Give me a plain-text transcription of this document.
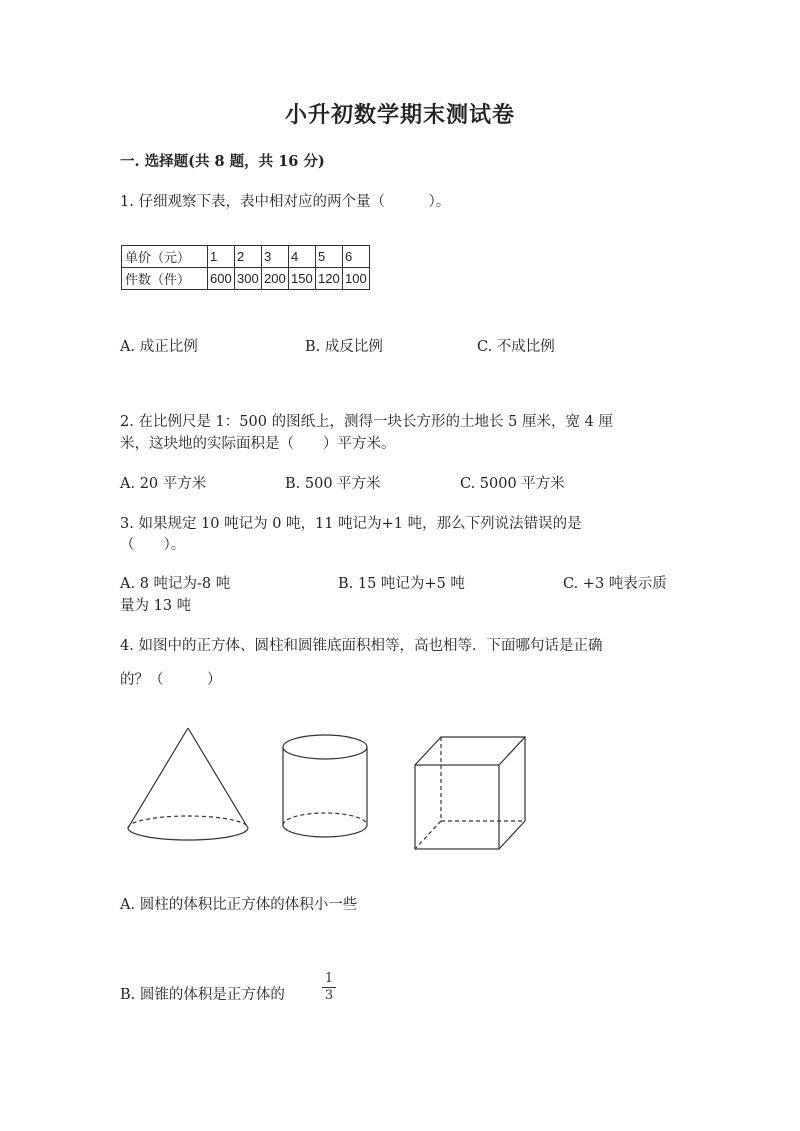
小升初数学期末测试卷
一. 选择题(共 8 题，共 16 分)
1. 仔细观察下表，表中相对应的两个量（　　　）。
单价（元）	1	2	3	4	5	6
件数（件）	600	300	200	150	120	100
A. 成正比例	B. 成反比例	C. 不成比例
2. 在比例尺是 1：500 的图纸上，测得一块长方形的土地长 5 厘米，宽 4 厘
米，这块地的实际面积是（　　）平方米。
A. 20 平方米	B. 500 平方米	C. 5000 平方米
3. 如果规定 10 吨记为 0 吨，11 吨记为+1 吨，那么下列说法错误的是
（　　）。
A. 8 吨记为-8 吨	B. 15 吨记为+5 吨	C. +3 吨表示质
量为 13 吨
4. 如图中的正方体、圆柱和圆锥底面积相等，高也相等．下面哪句话是正确
的？（　　　）
A. 圆柱的体积比正方体的体积小一些
B. 圆锥的体积是正方体的
1
3
